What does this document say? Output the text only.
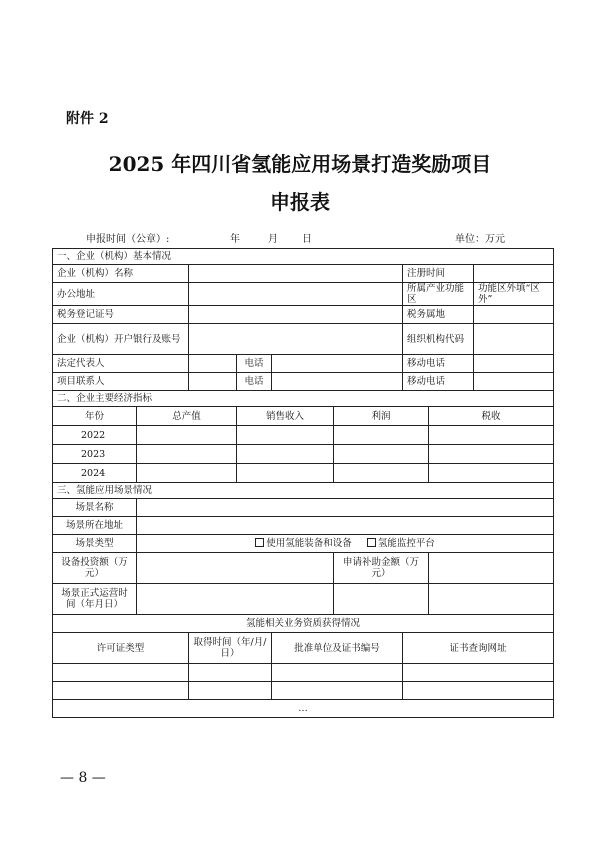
附件 2
2025 年四川省氢能应用场景打造奖励项目
申报表
申报时间（公章）:	年	月 日	单位：万元
一、企业（机构）基本情况								
企业（机构）名称						注册时间		
办公地址						所属产业功能区		功能区外填“区外”
税务登记证号						税务属地		
企业（机构）开户银行及账号						组织机构代码		
法定代表人			电话			移动电话		
项目联系人			电话			移动电话		
二、企业主要经济指标								
年份	总产值		销售收入		利润		税收	
2022								
2023								
2024								
三、氢能应用场景情况								
场景名称								
场景所在地址								
场景类型	使用氢能装备和设备 氢能监控平台							
设备投资额（万元）					申请补助金额（万元）			
场景正式运营时间（年月日）								
氢能相关业务资质获得情况								
许可证类型		取得时间（年/月/日）		批准单位及证书编号		证书查询网址		

…								
— 8 —
